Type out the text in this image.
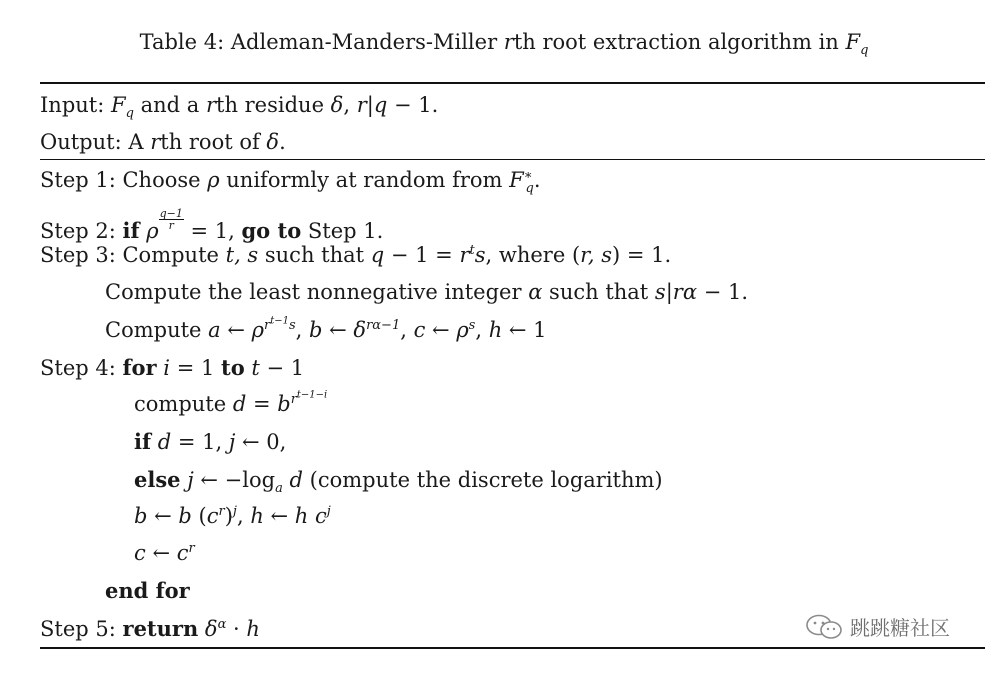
Table 4: Adleman-Manders-Miller rth root extraction algorithm in $F_q$
Input: $F_q$ and a rth residue δ, r|q − 1.
Output: A rth root of δ.
Step 1: Choose ρ uniformly at random from $F^∗_q$.
Step 2: if ρ $\frac{q-1}{r} = 1$, go to Step 1.
Step 3: Compute t, s such that $q - 1 = r^ts$, where (r, s) = 1.
Compute the least nonnegative integer α such that s|rα − 1.
Compute a ← $\rho^{r^{t-1}s}$, b ← $\delta^{r\alpha-1}$, c ← $\rho^s$, h ← 1
Step 4: for i = 1 to t − 1
compute $d = b^{r^{t-1-i}}$
if d = 1, j ← 0,
else j ← $-\log_a$ d (compute the discrete logarithm)
b ← b $(c^r)^j$, h ← h $c^j$
c ← $c^r$
end for
Step 5: return $\delta^\alpha \cdot h$	跳跳糖社区
